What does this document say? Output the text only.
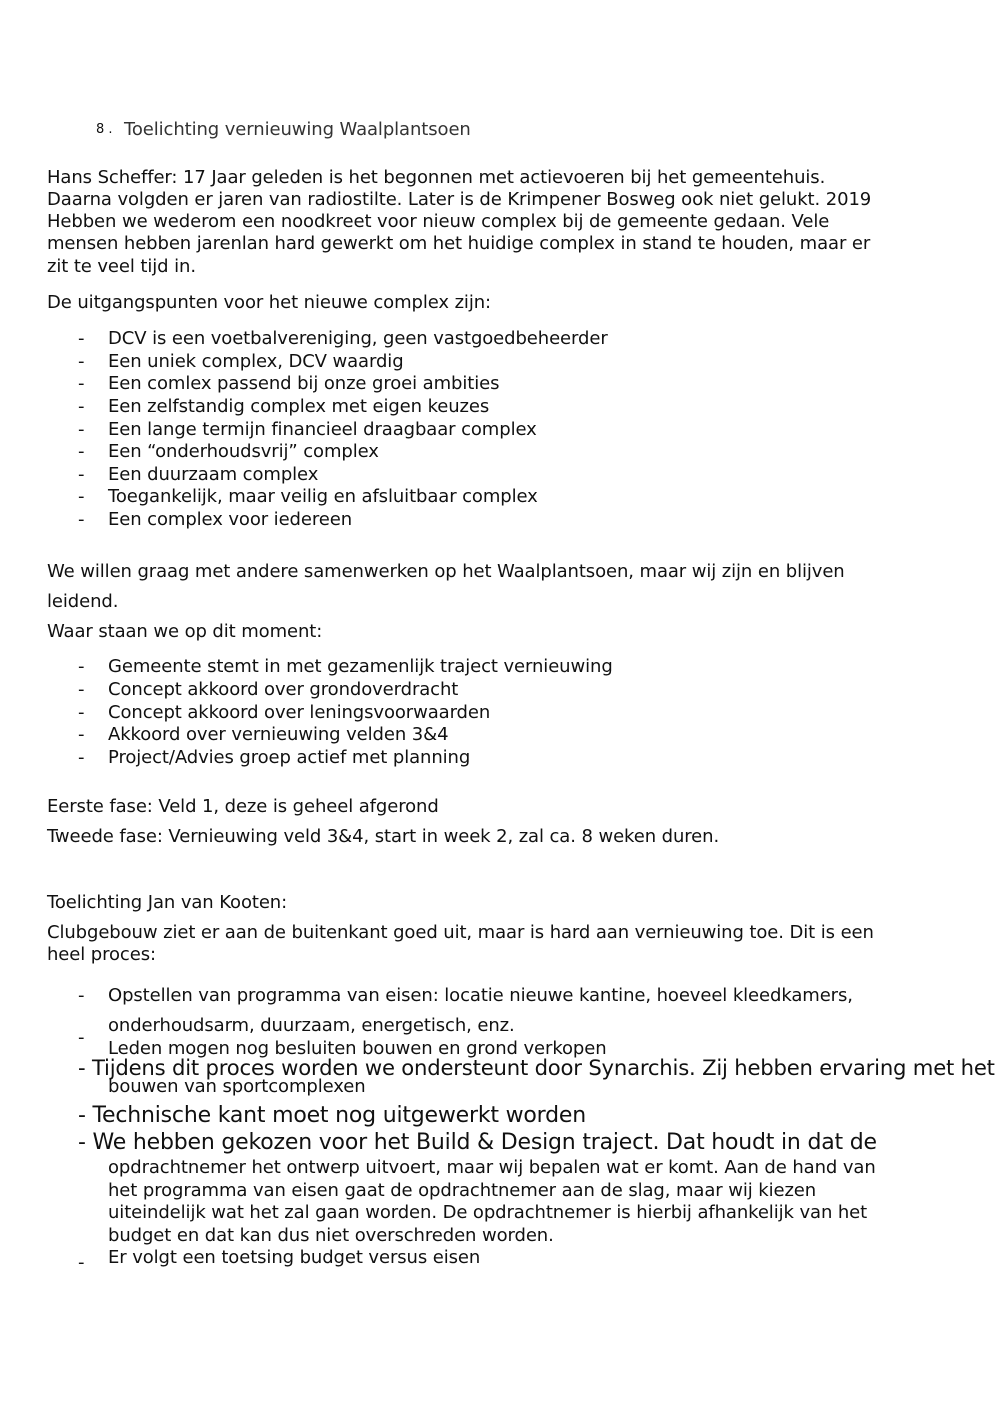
8 . Toelichting vernieuwing Waalplantsoen
Hans Scheffer: 17 Jaar geleden is het begonnen met actievoeren bij het gemeentehuis.
Daarna volgden er jaren van radiostilte. Later is de Krimpener Bosweg ook niet gelukt. 2019
Hebben we wederom een noodkreet voor nieuw complex bij de gemeente gedaan. Vele
mensen hebben jarenlan hard gewerkt om het huidige complex in stand te houden, maar er
zit te veel tijd in.
De uitgangspunten voor het nieuwe complex zijn:
- DCV is een voetbalvereniging, geen vastgoedbeheerder
- Een uniek complex, DCV waardig
- Een comlex passend bij onze groei ambities
- Een zelfstandig complex met eigen keuzes
- Een lange termijn financieel draagbaar complex
- Een “onderhoudsvrij” complex
- Een duurzaam complex
- Toegankelijk, maar veilig en afsluitbaar complex
- Een complex voor iedereen
We willen graag met andere samenwerken op het Waalplantsoen, maar wij zijn en blijven
leidend.
Waar staan we op dit moment:
- Gemeente stemt in met gezamenlijk traject vernieuwing
- Concept akkoord over grondoverdracht
- Concept akkoord over leningsvoorwaarden
- Akkoord over vernieuwing velden 3&4
- Project/Advies groep actief met planning
Eerste fase: Veld 1, deze is geheel afgerond
Tweede fase: Vernieuwing veld 3&4, start in week 2, zal ca. 8 weken duren.
Toelichting Jan van Kooten:
Clubgebouw ziet er aan de buitenkant goed uit, maar is hard aan vernieuwing toe. Dit is een
heel proces:
- Opstellen van programma van eisen: locatie nieuwe kantine, hoeveel kleedkamers,
onderhoudsarm, duurzaam, energetisch, enz.
-
Leden mogen nog besluiten bouwen en grond verkopen
- Tijdens dit proces worden we ondersteunt door Synarchis. Zij hebben ervaring met het
bouwen van sportcomplexen
- Technische kant moet nog uitgewerkt worden
- We hebben gekozen voor het Build & Design traject. Dat houdt in dat de
opdrachtnemer het ontwerp uitvoert, maar wij bepalen wat er komt. Aan de hand van
het programma van eisen gaat de opdrachtnemer aan de slag, maar wij kiezen
uiteindelijk wat het zal gaan worden. De opdrachtnemer is hierbij afhankelijk van het
budget en dat kan dus niet overschreden worden.
- Er volgt een toetsing budget versus eisen
